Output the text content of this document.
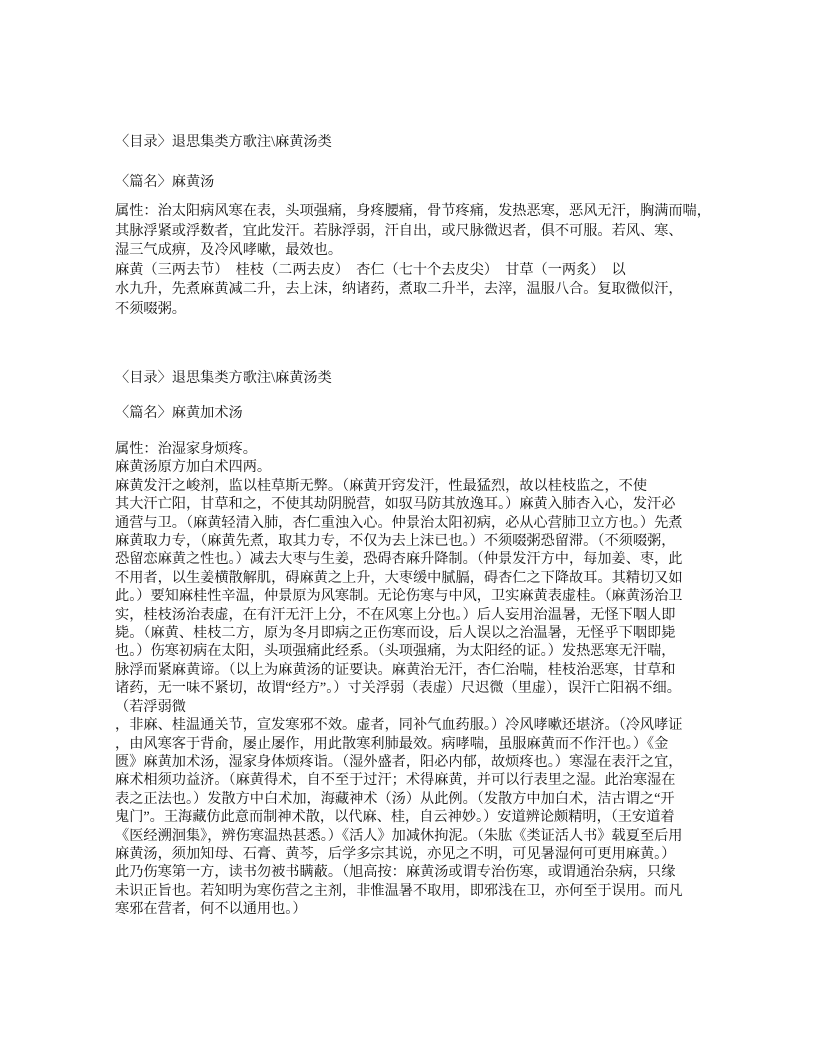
〈目录〉退思集类方歌注\麻黄汤类
〈篇名〉麻黄汤
属性：治太阳病风寒在表，头项强痛，身疼腰痛，骨节疼痛，发热恶寒，恶风无汗，胸满而喘，
其脉浮紧或浮数者，宜此发汗。若脉浮弱，汗自出，或尺脉微迟者，俱不可服。若风、寒、
湿三气成痹，及冷风哮嗽，最效也。
麻黄（三两去节）　桂枝（二两去皮）　杏仁（七十个去皮尖）　甘草（一两炙）　以
水九升，先煮麻黄减二升，去上沫，纳诸药，煮取二升半，去滓，温服八合。复取微似汗，
不须啜粥。
〈目录〉退思集类方歌注\麻黄汤类
〈篇名〉麻黄加术汤
属性：治湿家身烦疼。
麻黄汤原方加白术四两。
麻黄发汗之峻剂，监以桂草斯无弊。（麻黄开窍发汗，性最猛烈，故以桂枝监之，不使
其大汗亡阳，甘草和之，不使其劫阴脱营，如驭马防其放逸耳。）麻黄入肺杏入心，发汗必
通营与卫。（麻黄轻清入肺，杏仁重浊入心。仲景治太阳初病，必从心营肺卫立方也。）先煮
麻黄取力专，（麻黄先煮，取其力专，不仅为去上沫已也。）不须啜粥恐留滞。（不须啜粥，
恐留恋麻黄之性也。）减去大枣与生姜，恐碍杏麻升降制。（仲景发汗方中，每加姜、枣，此
不用者，以生姜横散解肌，碍麻黄之上升，大枣缓中腻膈，碍杏仁之下降故耳。其精切又如
此。）要知麻桂性辛温，仲景原为风寒制。无论伤寒与中风，卫实麻黄表虚桂。（麻黄汤治卫
实，桂枝汤治表虚，在有汗无汗上分，不在风寒上分也。）后人妄用治温暑，无怪下咽人即
毙。（麻黄、桂枝二方，原为冬月即病之正伤寒而设，后人误以之治温暑，无怪乎下咽即毙
也。）伤寒初病在太阳，头项强痛此经系。（头项强痛，为太阳经的证。）发热恶寒无汗喘，
脉浮而紧麻黄谛。（以上为麻黄汤的证要诀。麻黄治无汗，杏仁治喘，桂枝治恶寒，甘草和
诸药，无一味不紧切，故谓“经方”。）寸关浮弱（表虚）尺迟微（里虚），误汗亡阳祸不细。
（若浮弱微
，非麻、桂温通关节，宣发寒邪不效。虚者，同补气血药服。）冷风哮嗽还堪济。（冷风哮证
，由风寒客于背俞，屡止屡作，用此散寒利肺最效。病哮喘，虽服麻黄而不作汗也。）《金
匮》麻黄加术汤，湿家身体烦疼诣。（湿外盛者，阳必内郁，故烦疼也。）寒湿在表汗之宜，
麻术相须功益济。（麻黄得术，自不至于过汗；术得麻黄，并可以行表里之湿。此治寒湿在
表之正法也。）发散方中白术加，海藏神术（汤）从此例。（发散方中加白术，洁古谓之“开
鬼门”。王海藏仿此意而制神术散，以代麻、桂，自云神妙。）安道辨论颇精明，（王安道着
《医经溯洄集》，辨伤寒温热甚悉。）《活人》加减休拘泥。（朱肱《类证活人书》载夏至后用
麻黄汤，须加知母、石膏、黄芩，后学多宗其说，亦见之不明，可见暑湿何可更用麻黄。）
此乃伤寒第一方，读书勿被书瞒蔽。（旭高按：麻黄汤或谓专治伤寒，或谓通治杂病，只缘
未识正旨也。若知明为寒伤营之主剂，非惟温暑不取用，即邪浅在卫，亦何至于误用。而凡
寒邪在营者，何不以通用也。）
